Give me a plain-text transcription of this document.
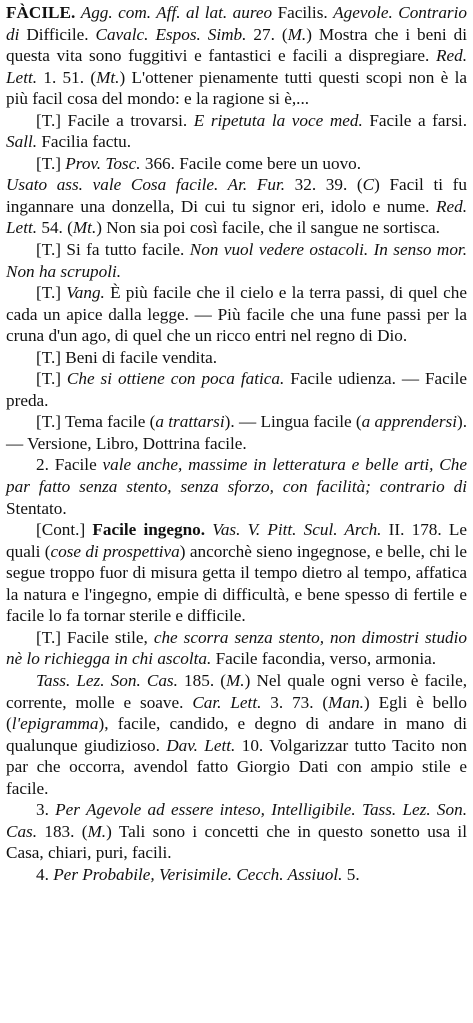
FÀCILE. Agg. com. Aff. al lat. aureo Facilis. Agevole. Contrario di Difficile. Cavalc. Espos. Simb. 27. (M.) Mostra che i beni di questa vita sono fuggitivi e fantastici e facili a dispregiare. Red. Lett. 1. 51. (Mt.) L'ottener pienamente tutti questi scopi non è la più facil cosa del mondo: e la ragione si è,...

[T.] Facile a trovarsi. E ripetuta la voce med. Facile a farsi. Sall. Facilia factu.

[T.] Prov. Tosc. 366. Facile come bere un uovo.

Usato ass. vale Cosa facile. Ar. Fur. 32. 39. (C) Facil ti fu ingannare una donzella, Di cui tu signor eri, idolo e nume. Red. Lett. 54. (Mt.) Non sia poi così facile, che il sangue ne sortisca.

[T.] Si fa tutto facile. Non vuol vedere ostacoli. In senso mor. Non ha scrupoli.

[T.] Vang. È più facile che il cielo e la terra passi, di quel che cada un apice dalla legge. — Più facile che una fune passi per la cruna d'un ago, di quel che un ricco entri nel regno di Dio.

[T.] Beni di facile vendita.

[T.] Che si ottiene con poca fatica. Facile udienza. — Facile preda.

[T.] Tema facile (a trattarsi). — Lingua facile (a apprendersi). — Versione, Libro, Dottrina facile.

2. Facile vale anche, massime in letteratura e belle arti, Che par fatto senza stento, senza sforzo, con facilità; contrario di Stentato.

[Cont.] Facile ingegno. Vas. V. Pitt. Scul. Arch. II. 178. Le quali (cose di prospettiva) ancorchè sieno ingegnose, e belle, chi le segue troppo fuor di misura getta il tempo dietro al tempo, affatica la natura e l'ingegno, empie di difficultà, e bene spesso di fertile e facile lo fa tornar sterile e difficile.

[T.] Facile stile, che scorra senza stento, non dimostri studio nè lo richiegga in chi ascolta. Facile facondia, verso, armonia.

Tass. Lez. Son. Cas. 185. (M.) Nel quale ogni verso è facile, corrente, molle e soave. Car. Lett. 3. 73. (Man.) Egli è bello (l'epigramma), facile, candido, e degno di andare in mano di qualunque giudizioso. Dav. Lett. 10. Volgarizzar tutto Tacito non par che occorra, avendol fatto Giorgio Dati con ampio stile e facile.

3. Per Agevole ad essere inteso, Intelligibile. Tass. Lez. Son. Cas. 183. (M.) Tali sono i concetti che in questo sonetto usa il Casa, chiari, puri, facili.

4. Per Probabile, Verisimile. Cecch. Assiuol. 5.
